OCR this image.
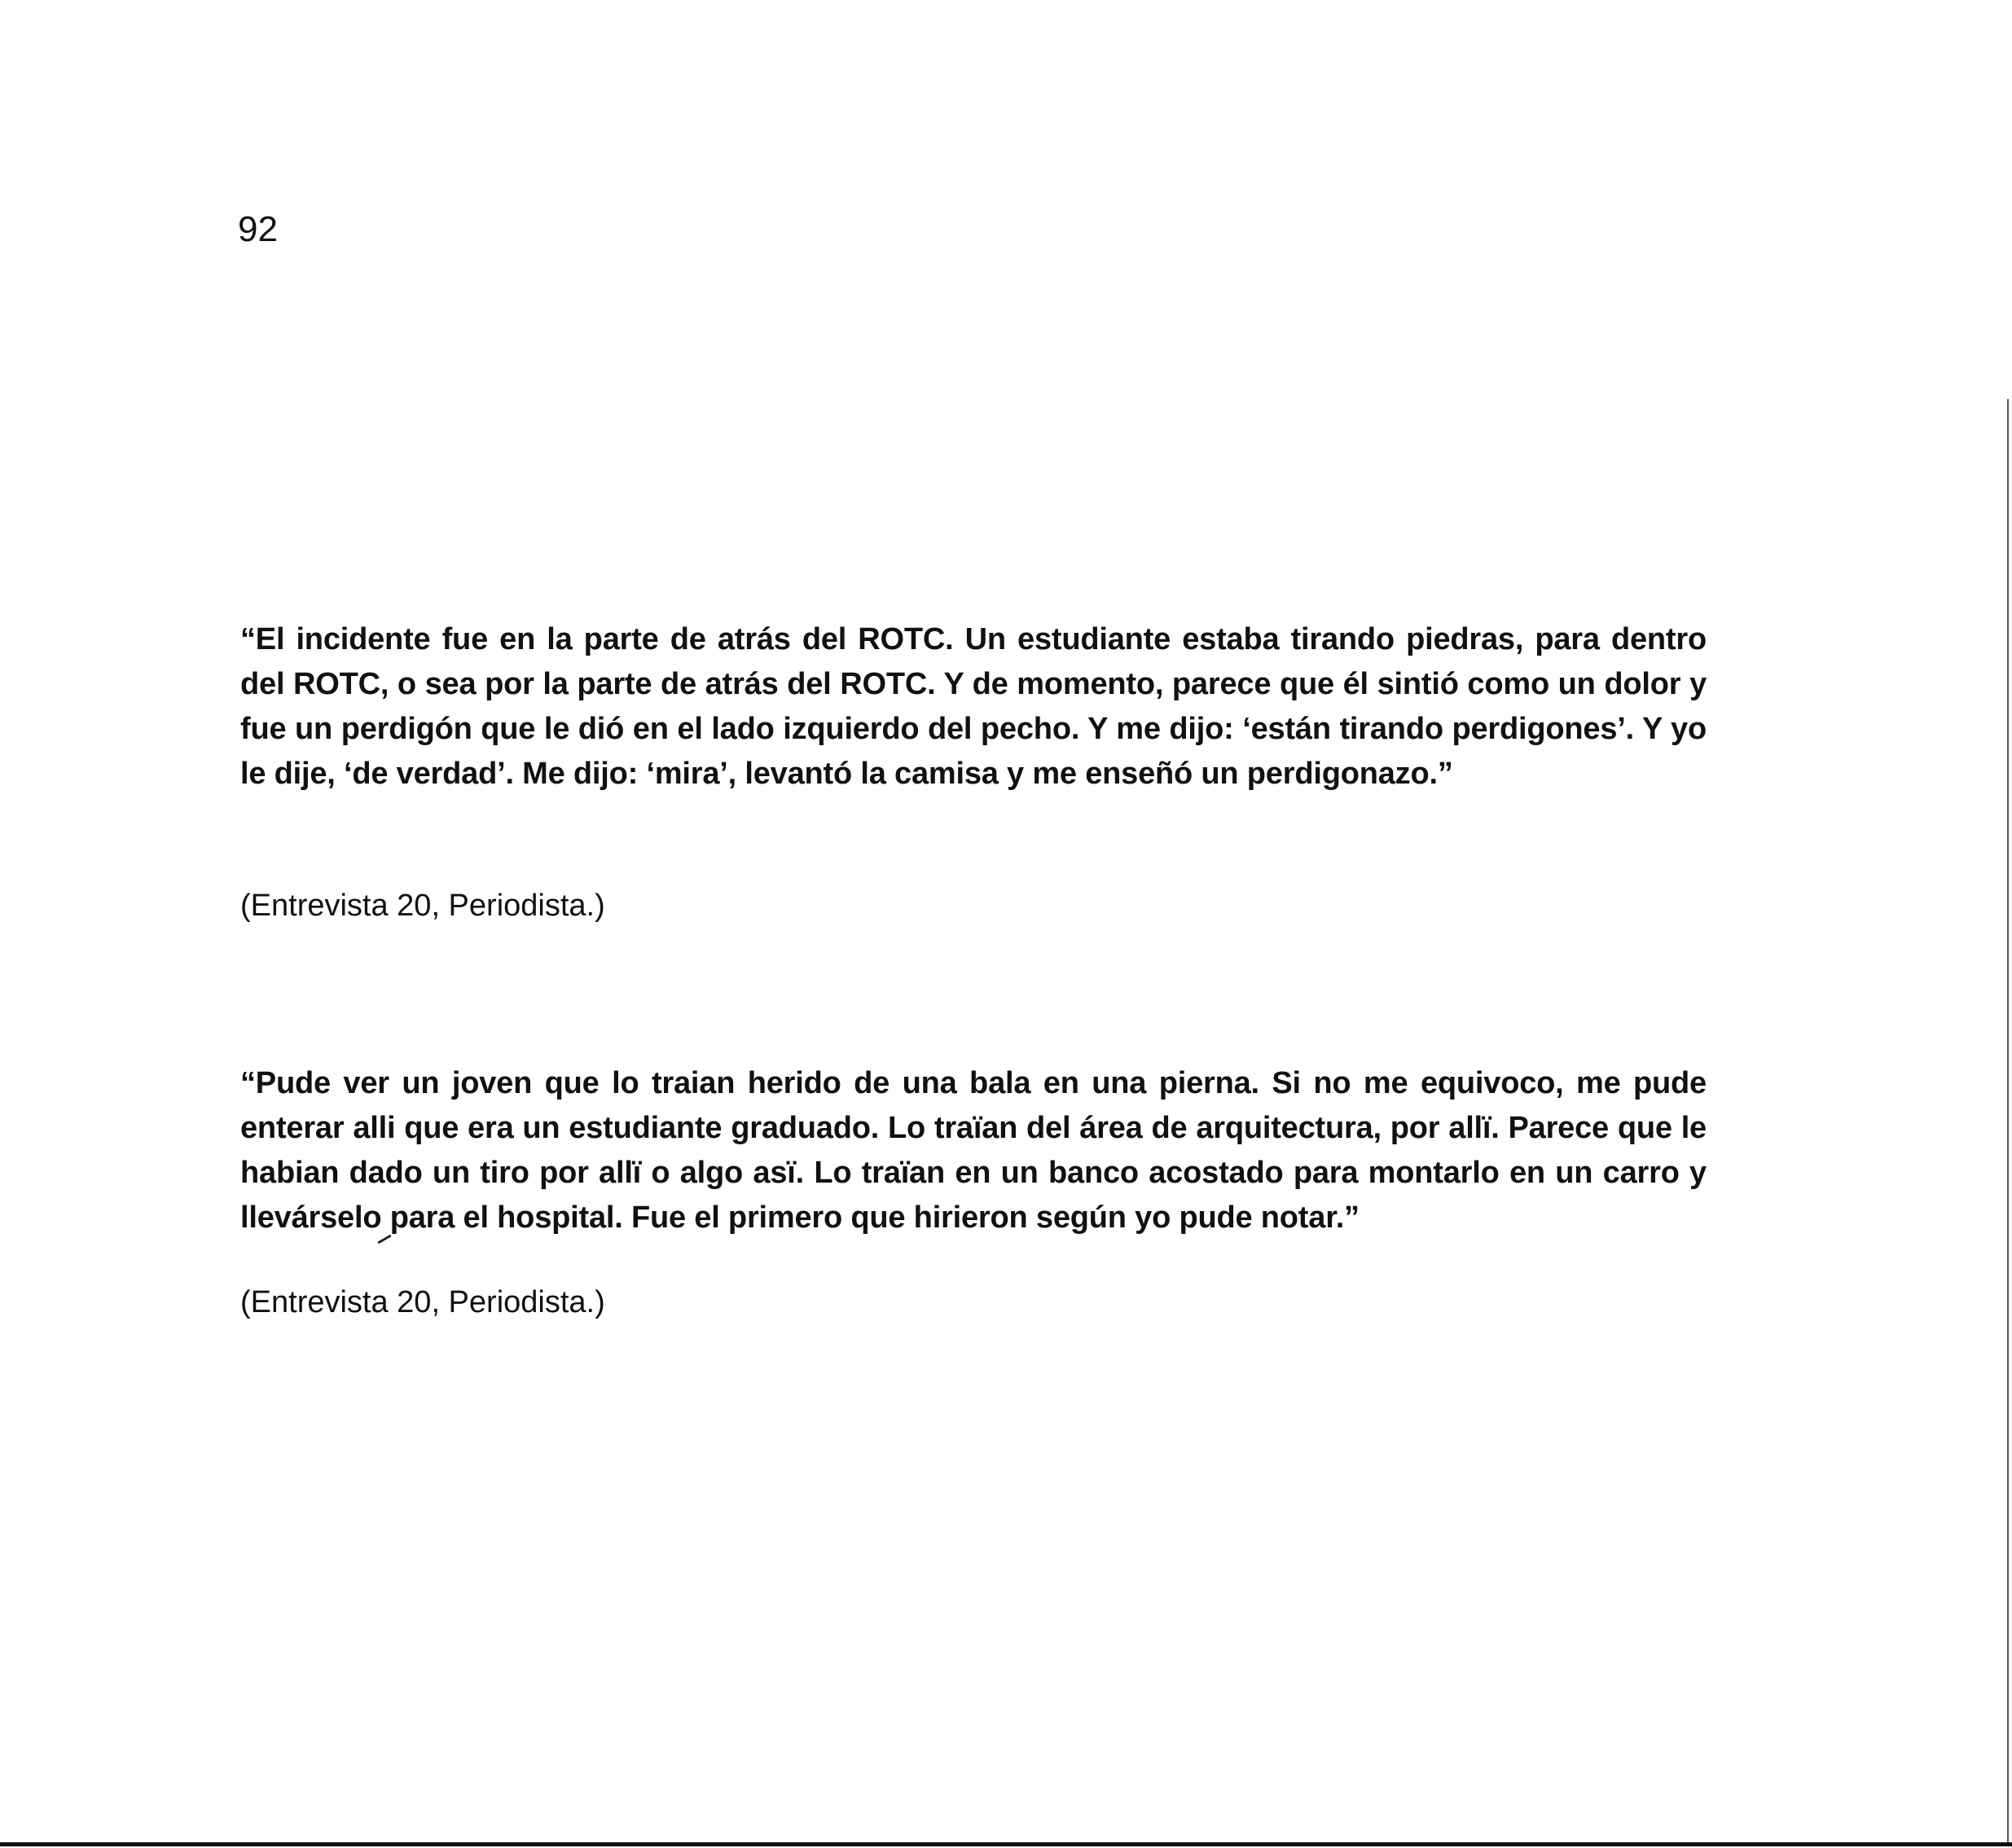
92

“El incidente fue en la parte de atrás del ROTC. Un estudiante estaba tirando piedras, para dentro del ROTC, o sea por la parte de atrás del ROTC. Y de momento, parece que él sintió como un dolor y fue un perdigón que le dió en el lado izquierdo del pecho. Y me dijo: ‘están tirando perdigones’. Y yo le dije, ‘de verdad’. Me dijo: ‘mira’, levantó la camisa y me enseñó un perdigonazo.”

(Entrevista 20, Periodista.)

“Pude ver un joven que lo traian herido de una bala en una pierna. Si no me equivoco, me pude enterar alli que era un estudiante graduado. Lo traïan del área de arquitectura, por allï. Parece que le habian dado un tiro por allï o algo asï. Lo traïan en un banco acostado para montarlo en un carro y llevárselo para el hospital. Fue el primero que hirieron según yo pude notar.”

(Entrevista 20, Periodista.)
